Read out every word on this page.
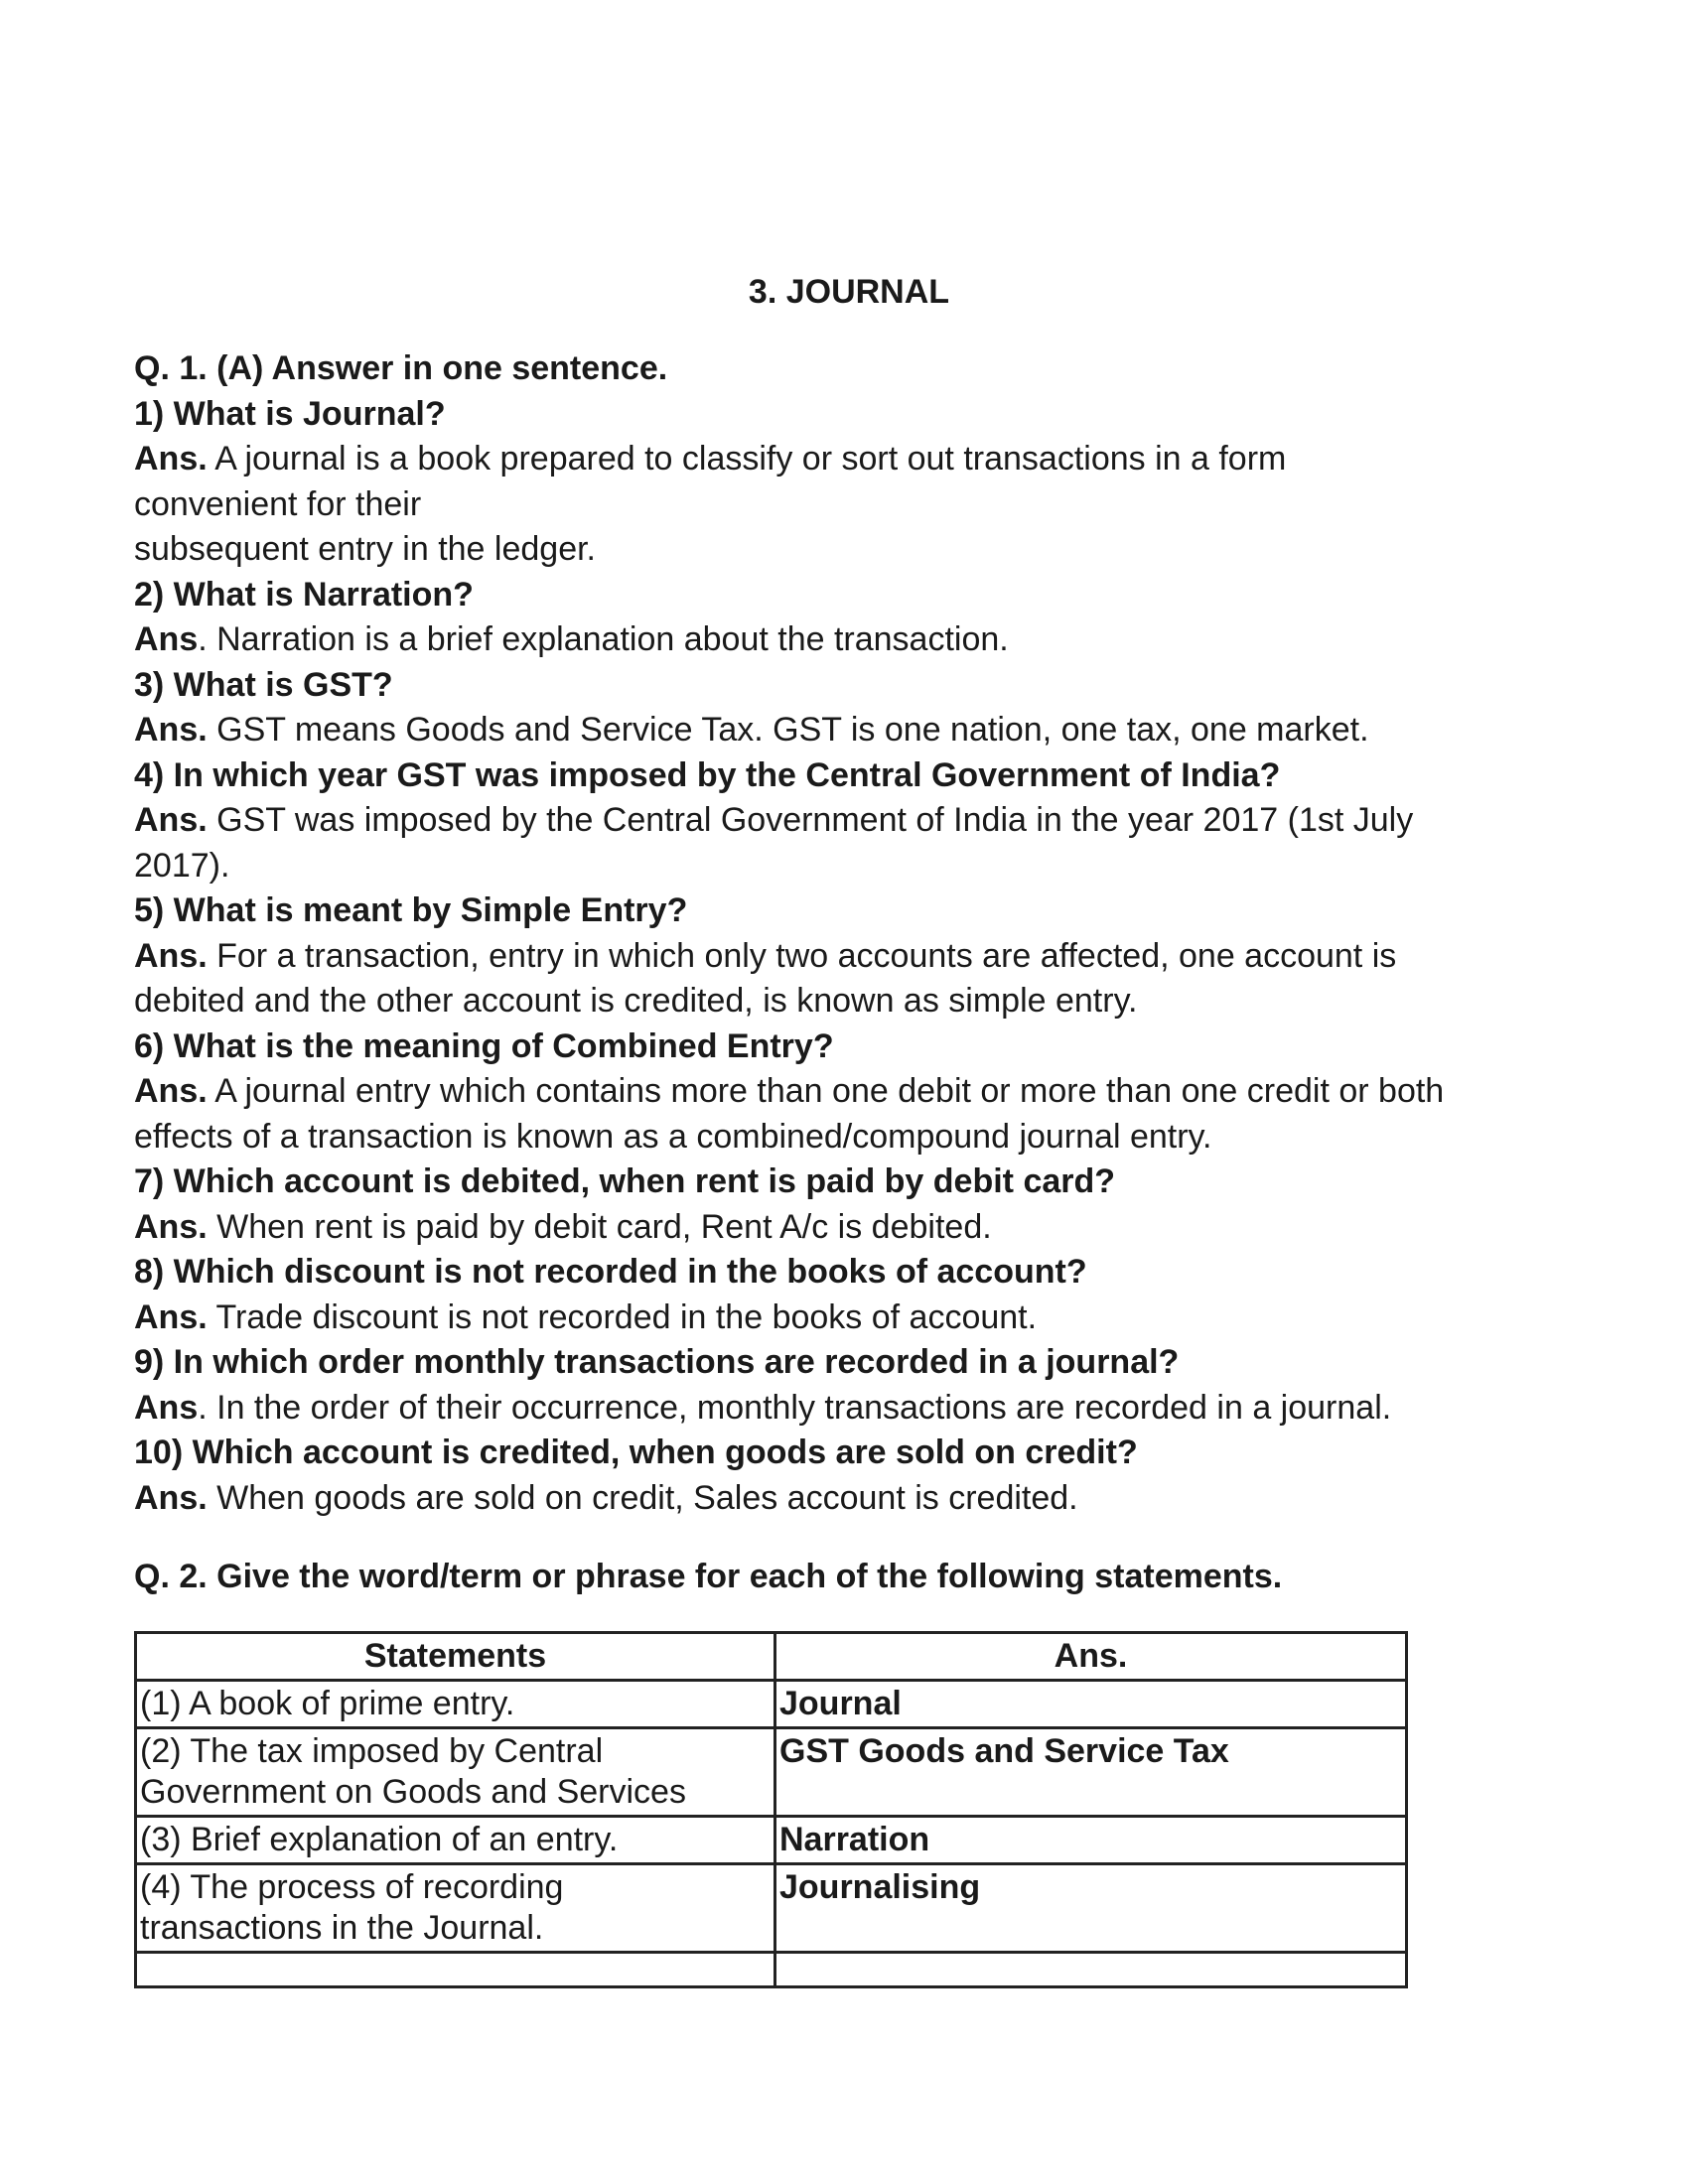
3. JOURNAL
Q. 1. (A) Answer in one sentence.
1) What is Journal?
Ans. A journal is a book prepared to classify or sort out transactions in a form
convenient for their
subsequent entry in the ledger.
2) What is Narration?
Ans. Narration is a brief explanation about the transaction.
3) What is GST?
Ans. GST means Goods and Service Tax. GST is one nation, one tax, one market.
4) In which year GST was imposed by the Central Government of India?
Ans. GST was imposed by the Central Government of India in the year 2017 (1st July
2017).
5) What is meant by Simple Entry?
Ans. For a transaction, entry in which only two accounts are affected, one account is
debited and the other account is credited, is known as simple entry.
6) What is the meaning of Combined Entry?
Ans. A journal entry which contains more than one debit or more than one credit or both
effects of a transaction is known as a combined/compound journal entry.
7) Which account is debited, when rent is paid by debit card?
Ans. When rent is paid by debit card, Rent A/c is debited.
8) Which discount is not recorded in the books of account?
Ans. Trade discount is not recorded in the books of account.
9) In which order monthly transactions are recorded in a journal?
Ans. In the order of their occurrence, monthly transactions are recorded in a journal.
10) Which account is credited, when goods are sold on credit?
Ans. When goods are sold on credit, Sales account is credited.
Q. 2. Give the word/term or phrase for each of the following statements.
Statements	Ans.
(1) A book of prime entry.	Journal
(2) The tax imposed by Central
Government on Goods and Services	GST Goods and Service Tax
(3) Brief explanation of an entry.	Narration
(4) The process of recording
transactions in the Journal.	Journalising
